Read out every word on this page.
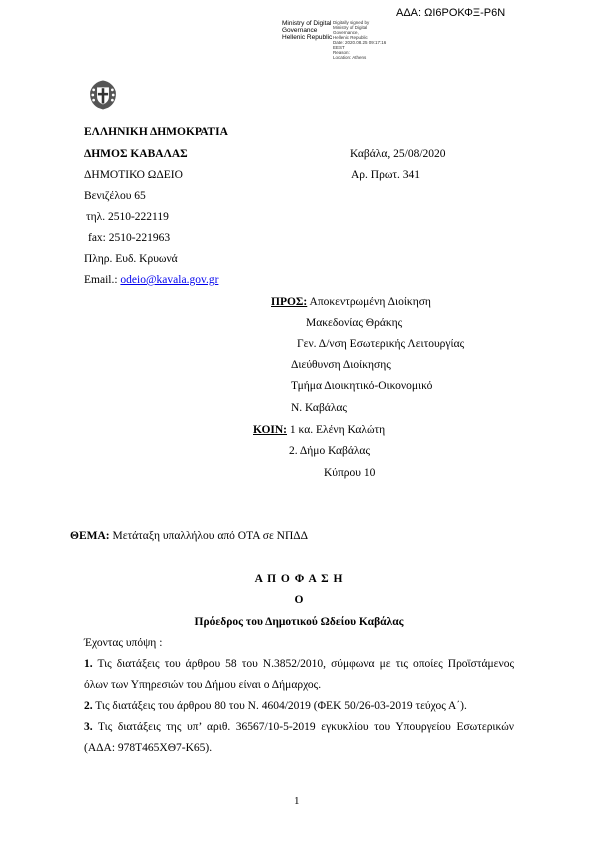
ΑΔΑ: ΩΙ6ΡΟΚΦΞ-Ρ6Ν
Ministry of Digital
Governance
Hellenic Republic
Digitally signed by
Ministry of Digital
Governance,
Hellenic Republic
Date: 2020.08.25 09:17:16
EEST
Reason:
Location: Athens
ΕΛΛΗΝΙΚΗ ΔΗΜΟΚΡΑΤΙΑ
ΔΗΜΟΣ ΚΑΒΑΛΑΣ	Καβάλα, 25/08/2020
ΔΗΜΟΤΙΚΟ ΩΔΕΙΟ	Αρ. Πρωτ. 341
Βενιζέλου 65
τηλ. 2510-222119
fax: 2510-221963
Πληρ. Ευδ. Κρυωνά
Email.: odeio@kavala.gov.gr
ΠΡΟΣ: Αποκεντρωμένη Διοίκηση
Μακεδονίας Θράκης
Γεν. Δ/νση Εσωτερικής Λειτουργίας
Διεύθυνση Διοίκησης
Τμήμα Διοικητικό-Οικονομικό
Ν. Καβάλας
ΚΟΙΝ: 1 κα. Ελένη Καλώτη
2. Δήμο Καβάλας
Κύπρου 10
ΘΕΜΑ: Μετάταξη υπαλλήλου από ΟΤΑ σε ΝΠΔΔ
Α Π Ο Φ Α Σ Η
Ο
Πρόεδρος του Δημοτικού Ωδείου Καβάλας
Έχοντας υπόψη :
1. Τις διατάξεις του άρθρου 58 του Ν.3852/2010, σύμφωνα με τις οποίες Προϊστάμενος όλων των Υπηρεσιών του Δήμου είναι ο Δήμαρχος.
2. Τις διατάξεις του άρθρου 80 του Ν. 4604/2019 (ΦΕΚ 50/26-03-2019 τεύχος Α΄).
3. Τις διατάξεις της υπ’ αριθ. 36567/10-5-2019 εγκυκλίου του Υπουργείου Εσωτερικών (ΑΔΑ: 978Τ465ΧΘ7-Κ65).
1
